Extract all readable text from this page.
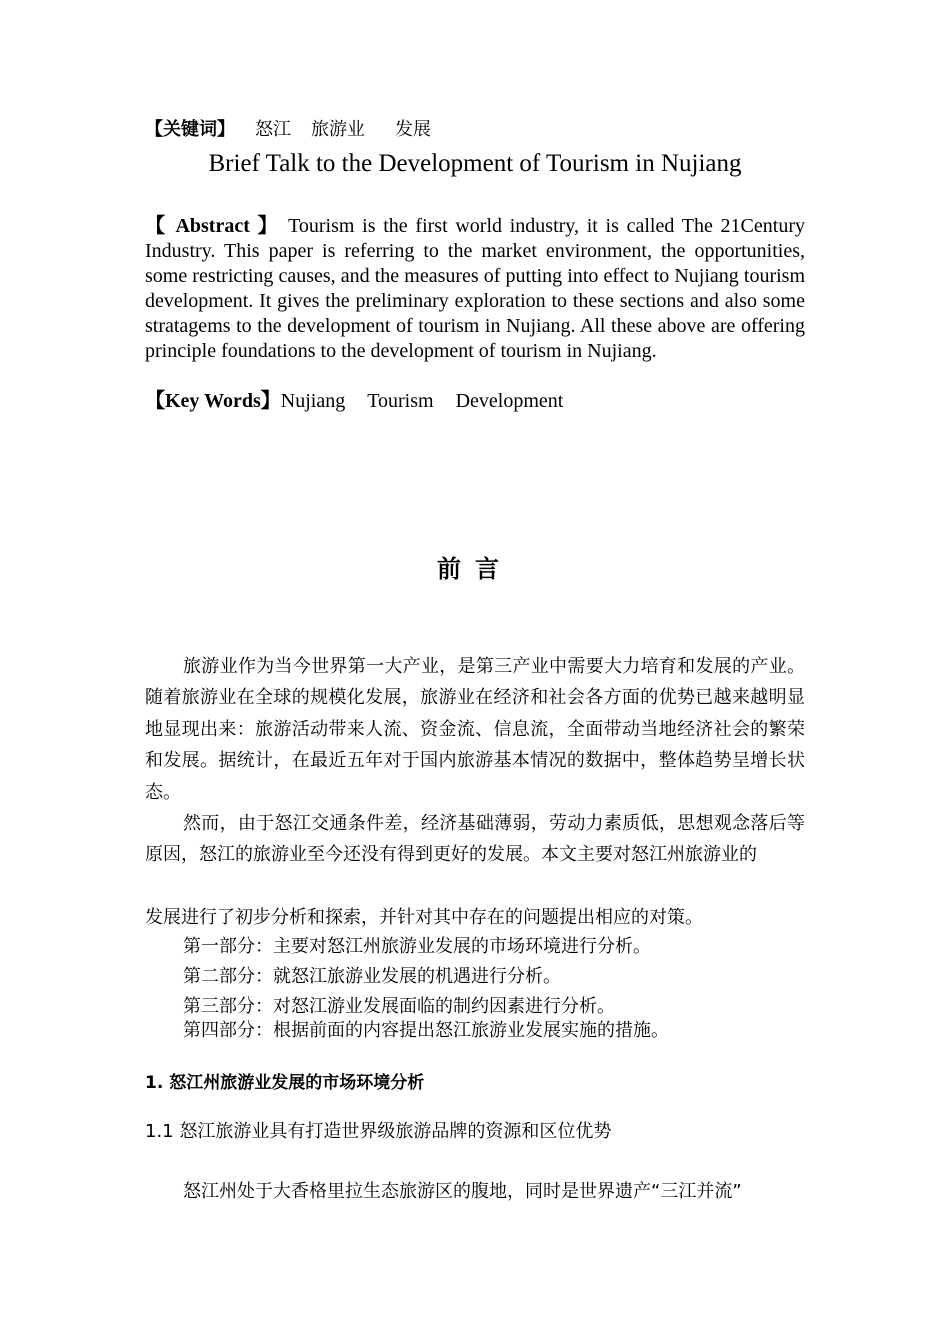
【关键词】 怒江 旅游业 发展
Brief Talk to the Development of Tourism in Nujiang
【 Abstract 】 Tourism is the first world industry, it is called The 21Century Industry. This paper is referring to the market environment, the opportunities, some restricting causes, and the measures of putting into effect to Nujiang tourism development. It gives the preliminary exploration to these sections and also some stratagems to the development of tourism in Nujiang. All these above are offering principle foundations to the development of tourism in Nujiang.
【Key Words】Nujiang Tourism Development
前言
旅游业作为当今世界第一大产业，是第三产业中需要大力培育和发展的产业。随着旅游业在全球的规模化发展，旅游业在经济和社会各方面的优势已越来越明显地显现出来：旅游活动带来人流、资金流、信息流，全面带动当地经济社会的繁荣和发展。据统计，在最近五年对于国内旅游基本情况的数据中，整体趋势呈增长状态。
然而，由于怒江交通条件差，经济基础薄弱，劳动力素质低，思想观念落后等原因，怒江的旅游业至今还没有得到更好的发展。本文主要对怒江州旅游业的
发展进行了初步分析和探索，并针对其中存在的问题提出相应的对策。
第一部分：主要对怒江州旅游业发展的市场环境进行分析。
第二部分：就怒江旅游业发展的机遇进行分析。
第三部分：对怒江游业发展面临的制约因素进行分析。
第四部分：根据前面的内容提出怒江旅游业发展实施的措施。
1. 怒江州旅游业发展的市场环境分析
1.1 怒江旅游业具有打造世界级旅游品牌的资源和区位优势
怒江州处于大香格里拉生态旅游区的腹地，同时是世界遗产“三江并流”
